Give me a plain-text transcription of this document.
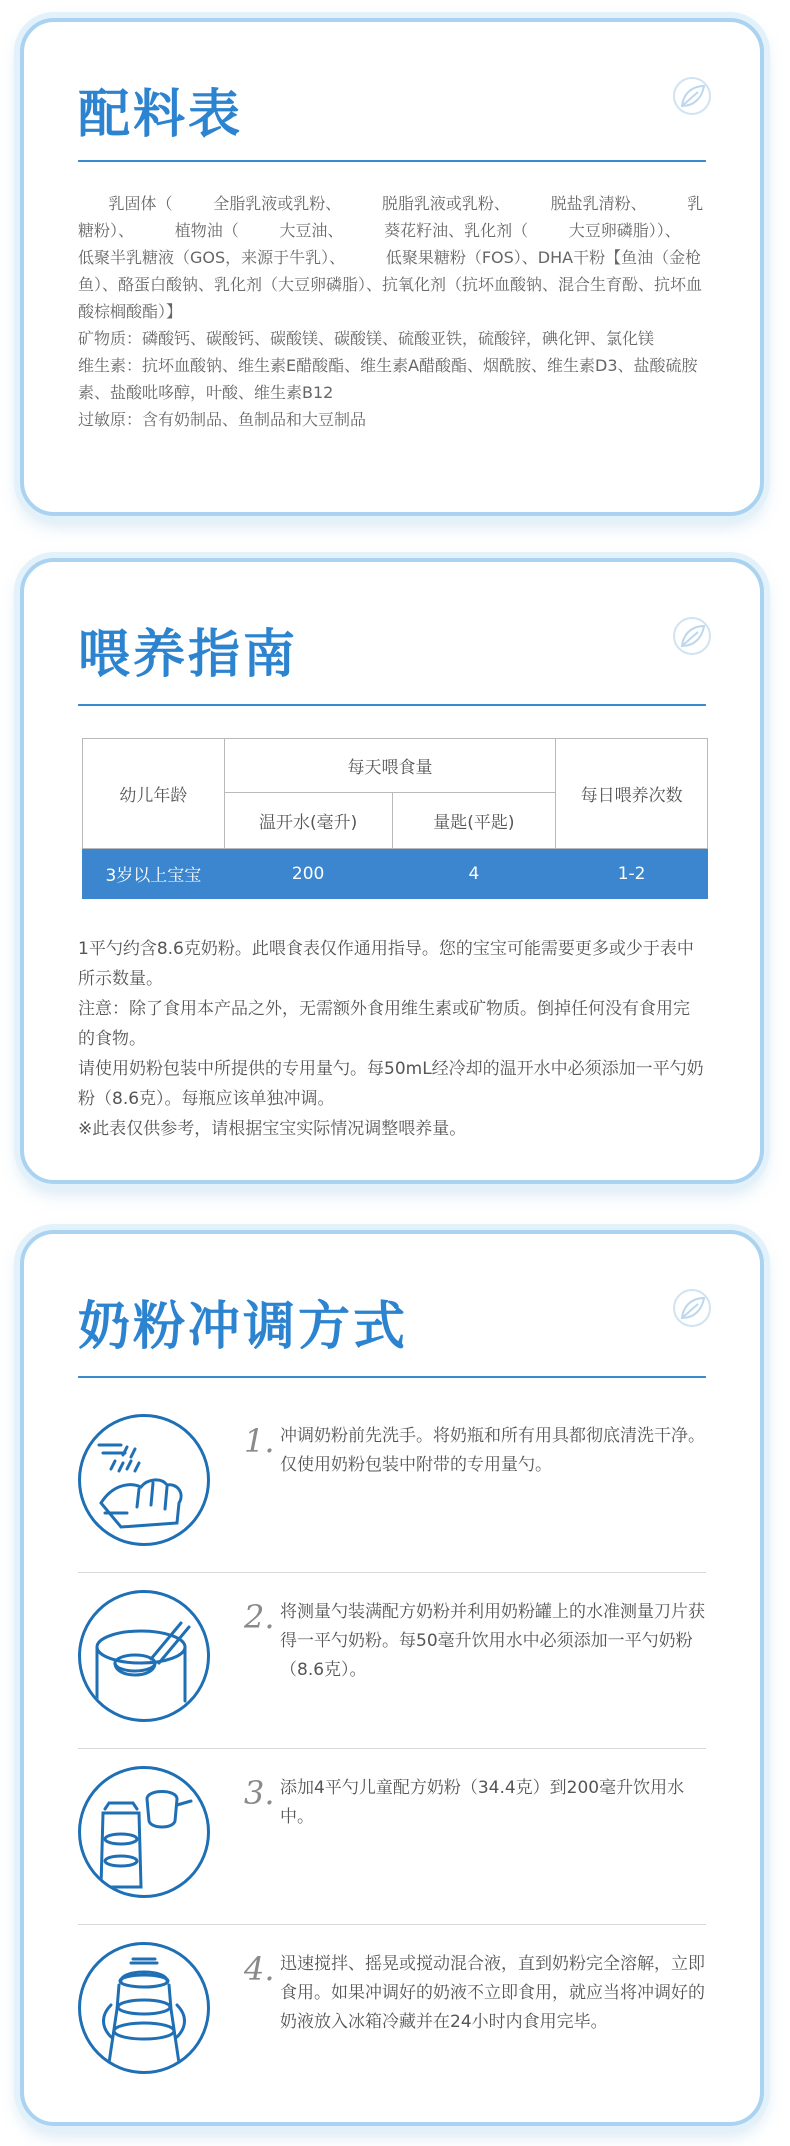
配料表

乳固体（        全脂乳液或乳粉、        脱脂乳液或乳粉、        脱盐乳清粉、        乳糖粉）、        植物油（        大豆油、        葵花籽油、乳化剂（        大豆卵磷脂））、        低聚半乳糖液（GOS，来源于牛乳）、        低聚果糖粉（FOS）、DHA干粉【鱼油（金枪鱼）、酪蛋白酸钠、乳化剂（大豆卵磷脂）、抗氧化剂（抗坏血酸钠、混合生育酚、抗坏血酸棕榈酸酯）】

矿物质：磷酸钙、碳酸钙、碳酸镁、碳酸镁、硫酸亚铁，硫酸锌，碘化钾、氯化镁

维生素：抗坏血酸钠、维生素E醋酸酯、维生素A醋酸酯、烟酰胺、维生素D3、盐酸硫胺素、盐酸吡哆醇，叶酸、维生素B12

过敏原：含有奶制品、鱼制品和大豆制品

喂养指南
幼儿年龄	每天喂食量		每日喂养次数
	温开水(毫升)	量匙(平匙)	
3岁以上宝宝	200	4	1-2

1平勺约含8.6克奶粉。此喂食表仅作通用指导。您的宝宝可能需要更多或少于表中所示数量。

注意：除了食用本产品之外，无需额外食用维生素或矿物质。倒掉任何没有食用完的食物。

请使用奶粉包装中所提供的专用量勺。每50mL经冷却的温开水中必须添加一平勺奶粉（8.6克）。每瓶应该单独冲调。

※此表仅供参考，请根据宝宝实际情况调整喂养量。

奶粉冲调方式
1. 冲调奶粉前先洗手。将奶瓶和所有用具都彻底清洗干净。仅使用奶粉包装中附带的专用量勺。
2. 将测量勺装满配方奶粉并利用奶粉罐上的水准测量刀片获得一平勺奶粉。每50毫升饮用水中必须添加一平勺奶粉（8.6克）。
3. 添加4平勺儿童配方奶粉（34.4克）到200毫升饮用水中。
4. 迅速搅拌、摇晃或搅动混合液，直到奶粉完全溶解，立即食用。如果冲调好的奶液不立即食用，就应当将冲调好的奶液放入冰箱冷藏并在24小时内食用完毕。
